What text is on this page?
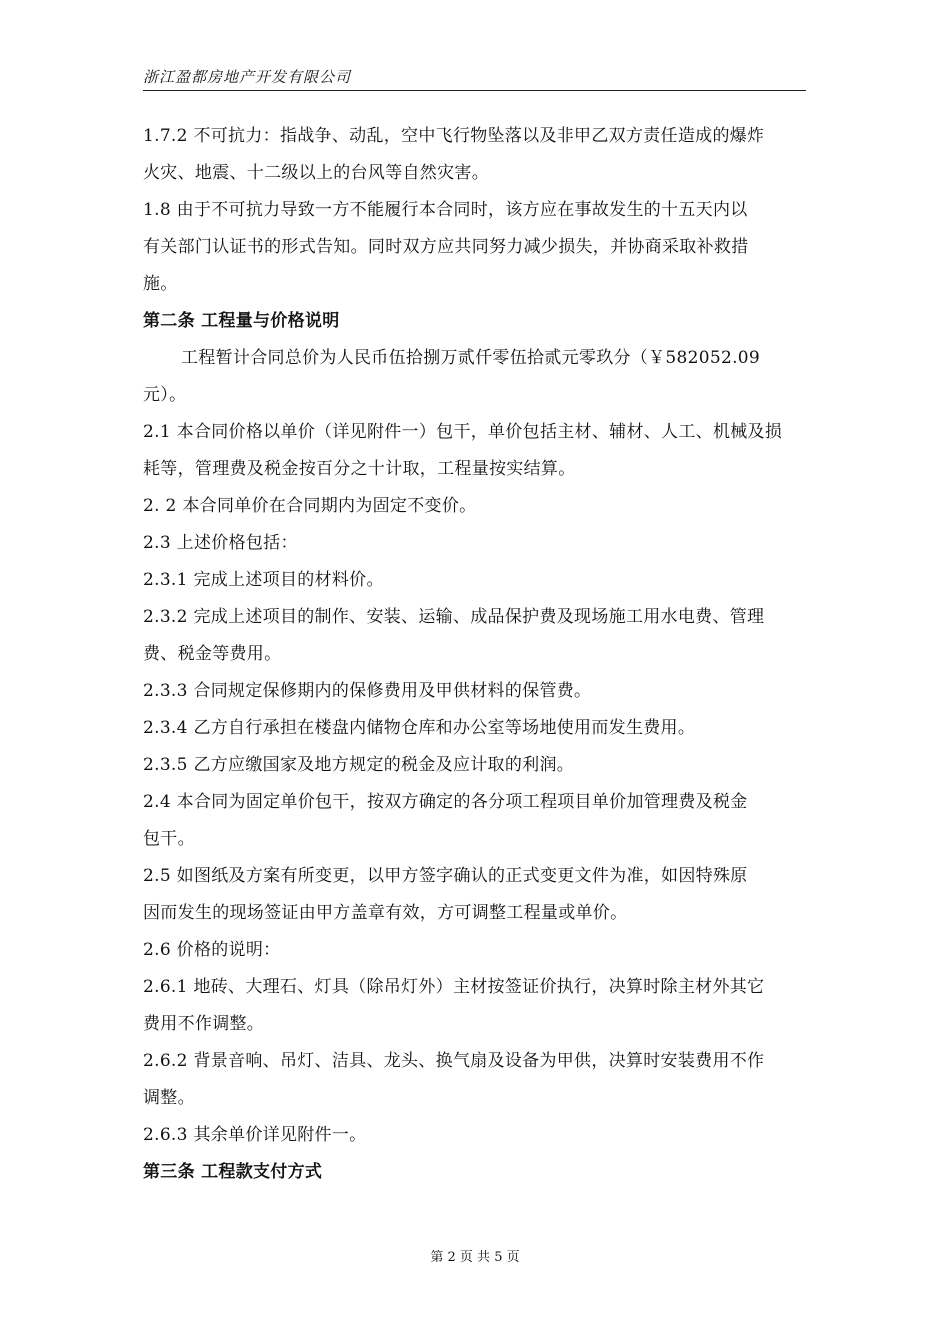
浙江盈都房地产开发有限公司
1.7.2 不可抗力：指战争、动乱，空中飞行物坠落以及非甲乙双方责任造成的爆炸
火灾、地震、十二级以上的台风等自然灾害。
1.8 由于不可抗力导致一方不能履行本合同时，该方应在事故发生的十五天内以
有关部门认证书的形式告知。同时双方应共同努力减少损失，并协商采取补救措
施。
第二条 工程量与价格说明
工程暂计合同总价为人民币伍拾捌万贰仟零伍拾贰元零玖分（￥582052.09
元）。
2.1 本合同价格以单价（详见附件一）包干，单价包括主材、辅材、人工、机械及损
耗等，管理费及税金按百分之十计取，工程量按实结算。
2. 2 本合同单价在合同期内为固定不变价。
2.3 上述价格包括：
2.3.1 完成上述项目的材料价。
2.3.2 完成上述项目的制作、安装、运输、成品保护费及现场施工用水电费、管理
费、税金等费用。
2.3.3 合同规定保修期内的保修费用及甲供材料的保管费。
2.3.4 乙方自行承担在楼盘内储物仓库和办公室等场地使用而发生费用。
2.3.5 乙方应缴国家及地方规定的税金及应计取的利润。
2.4 本合同为固定单价包干，按双方确定的各分项工程项目单价加管理费及税金
包干。
2.5 如图纸及方案有所变更，以甲方签字确认的正式变更文件为准，如因特殊原
因而发生的现场签证由甲方盖章有效，方可调整工程量或单价。
2.6 价格的说明：
2.6.1 地砖、大理石、灯具（除吊灯外）主材按签证价执行，决算时除主材外其它
费用不作调整。
2.6.2 背景音响、吊灯、洁具、龙头、换气扇及设备为甲供，决算时安装费用不作
调整。
2.6.3 其余单价详见附件一。
第三条 工程款支付方式
第 2 页 共 5 页
